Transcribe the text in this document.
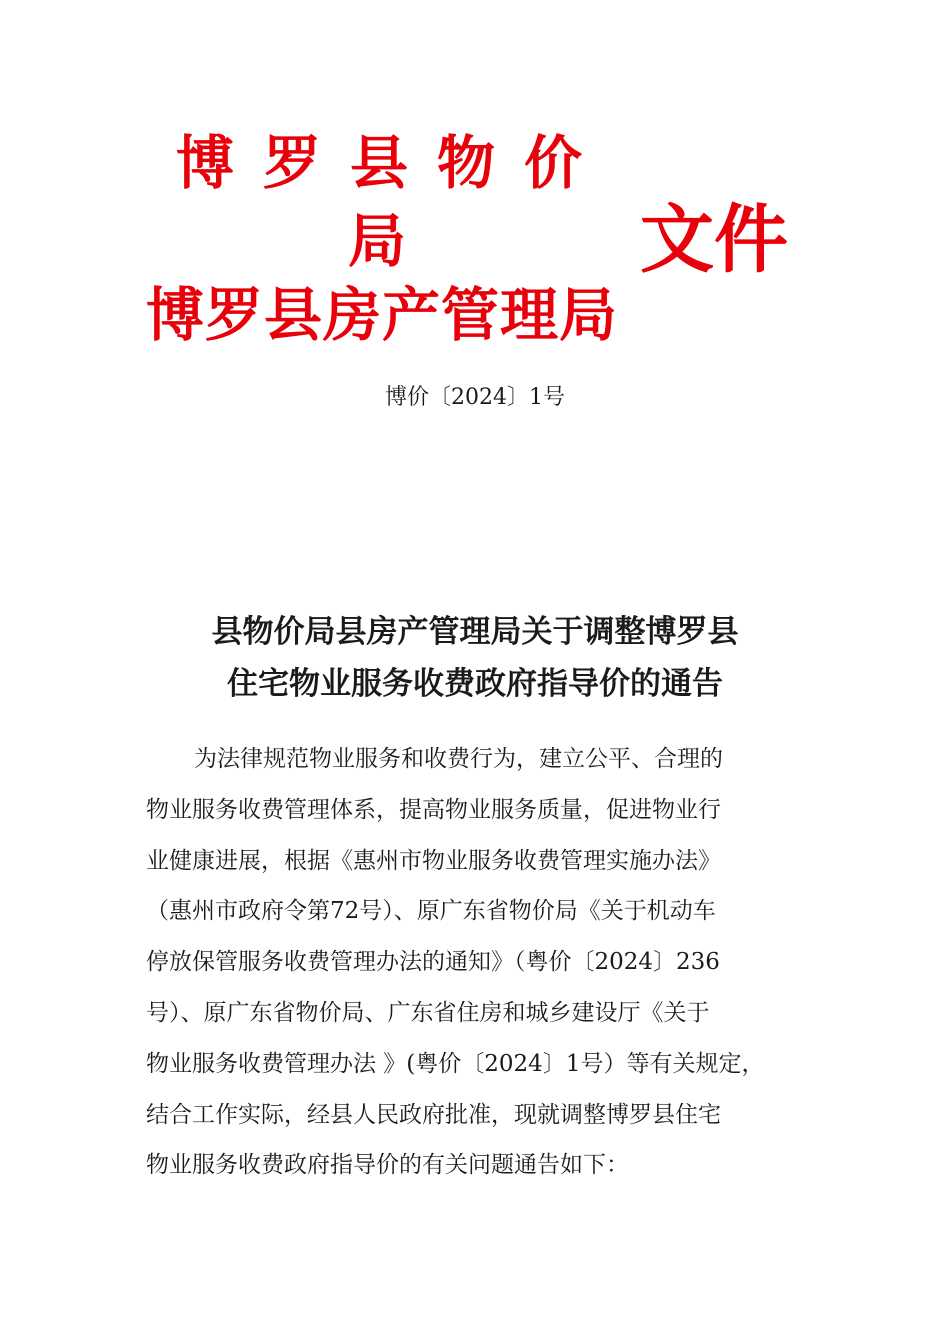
博罗县物价
局
博罗县房产管理局
文件
博价〔2024〕1号
县物价局县房产管理局关于调整博罗县
住宅物业服务收费政府指导价的通告
为法律规范物业服务和收费行为，建立公平、合理的
物业服务收费管理体系，提高物业服务质量，促进物业行
业健康进展，根据《惠州市物业服务收费管理实施办法》
（惠州市政府令第72号）、原广东省物价局《关于机动车
停放保管服务收费管理办法的通知》（粤价〔2024〕236
号）、原广东省物价局、广东省住房和城乡建设厅《关于
物业服务收费管理办法 》(粤价〔2024〕1号）等有关规定，
结合工作实际，经县人民政府批准，现就调整博罗县住宅
物业服务收费政府指导价的有关问题通告如下：
